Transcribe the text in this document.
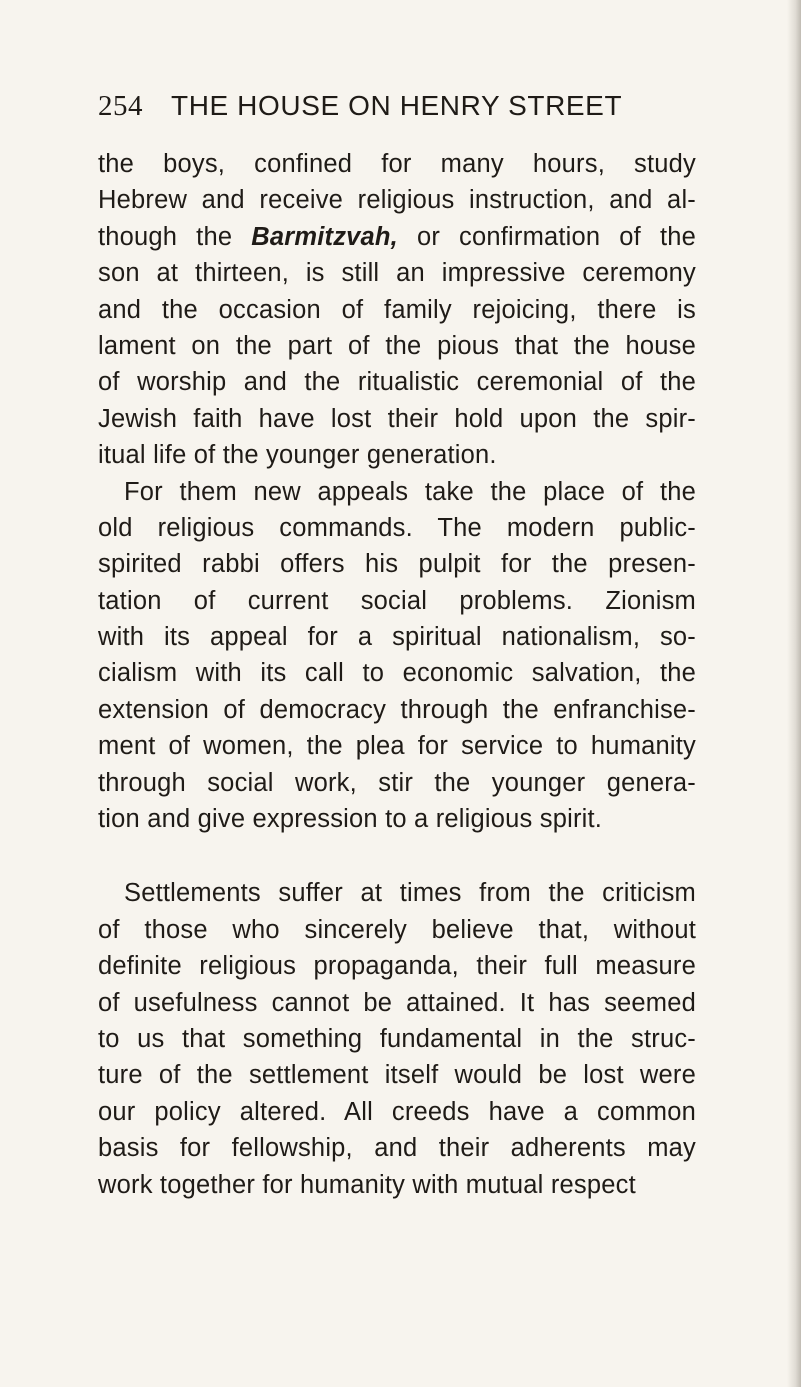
254 THE HOUSE ON HENRY STREET
the boys, confined for many hours, study
Hebrew and receive religious instruction, and al-
though the Barmitzvah, or confirmation of the
son at thirteen, is still an impressive ceremony
and the occasion of family rejoicing, there is
lament on the part of the pious that the house
of worship and the ritualistic ceremonial of the
Jewish faith have lost their hold upon the spir-
itual life of the younger generation.
For them new appeals take the place of the
old religious commands. The modern public-
spirited rabbi offers his pulpit for the presen-
tation of current social problems. Zionism
with its appeal for a spiritual nationalism, so-
cialism with its call to economic salvation, the
extension of democracy through the enfranchise-
ment of women, the plea for service to humanity
through social work, stir the younger genera-
tion and give expression to a religious spirit.
Settlements suffer at times from the criticism
of those who sincerely believe that, without
definite religious propaganda, their full measure
of usefulness cannot be attained. It has seemed
to us that something fundamental in the struc-
ture of the settlement itself would be lost were
our policy altered. All creeds have a common
basis for fellowship, and their adherents may
work together for humanity with mutual respect
